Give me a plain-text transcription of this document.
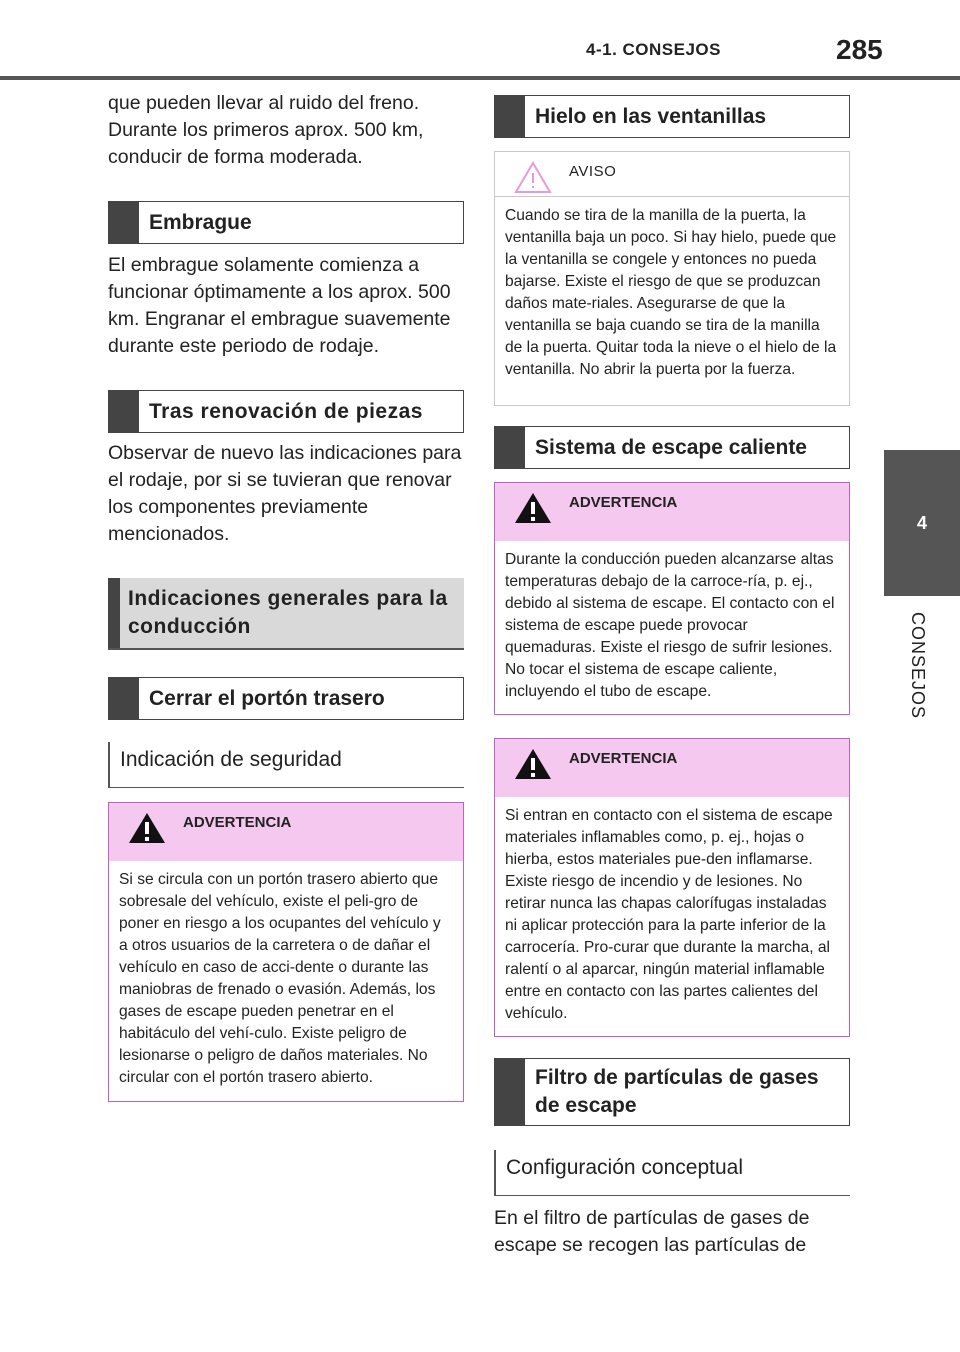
4-1. CONSEJOS	285
4
CONSEJOS

que pueden llevar al ruido del freno. Durante los primeros aprox. 500 km, conducir de forma moderada.

Embrague

El embrague solamente comienza a funcionar óptimamente a los aprox. 500 km. Engranar el embrague suavemente durante este periodo de rodaje.

Tras renovación de piezas

Observar de nuevo las indicaciones para el rodaje, por si se tuvieran que renovar los componentes previamente mencionados.

Indicaciones generales para la conducción
Cerrar el portón trasero
Indicación de seguridad
ADVERTENCIA
Si se circula con un portón trasero abierto que sobresale del vehículo, existe el peli-gro de poner en riesgo a los ocupantes del vehículo y a otros usuarios de la carretera o de dañar el vehículo en caso de acci-dente o durante las maniobras de frenado o evasión. Además, los gases de escape pueden penetrar en el habitáculo del vehí-culo. Existe peligro de lesionarse o peligro de daños materiales. No circular con el portón trasero abierto.
Hielo en las ventanillas
AVISO
Cuando se tira de la manilla de la puerta, la ventanilla baja un poco. Si hay hielo, puede que la ventanilla se congele y entonces no pueda bajarse. Existe el riesgo de que se produzcan daños mate-riales. Asegurarse de que la ventanilla se baja cuando se tira de la manilla de la puerta. Quitar toda la nieve o el hielo de la ventanilla. No abrir la puerta por la fuerza.
Sistema de escape caliente
ADVERTENCIA
Durante la conducción pueden alcanzarse altas temperaturas debajo de la carroce-ría, p. ej., debido al sistema de escape. El contacto con el sistema de escape puede provocar quemaduras. Existe el riesgo de sufrir lesiones. No tocar el sistema de escape caliente, incluyendo el tubo de escape.
ADVERTENCIA
Si entran en contacto con el sistema de escape materiales inflamables como, p. ej., hojas o hierba, estos materiales pue-den inflamarse. Existe riesgo de incendio y de lesiones. No retirar nunca las chapas calorífugas instaladas ni aplicar protección para la parte inferior de la carrocería. Pro-curar que durante la marcha, al ralentí o al aparcar, ningún material inflamable entre en contacto con las partes calientes del vehículo.
Filtro de partículas de gases de escape
Configuración conceptual

En el filtro de partículas de gases de escape se recogen las partículas de
